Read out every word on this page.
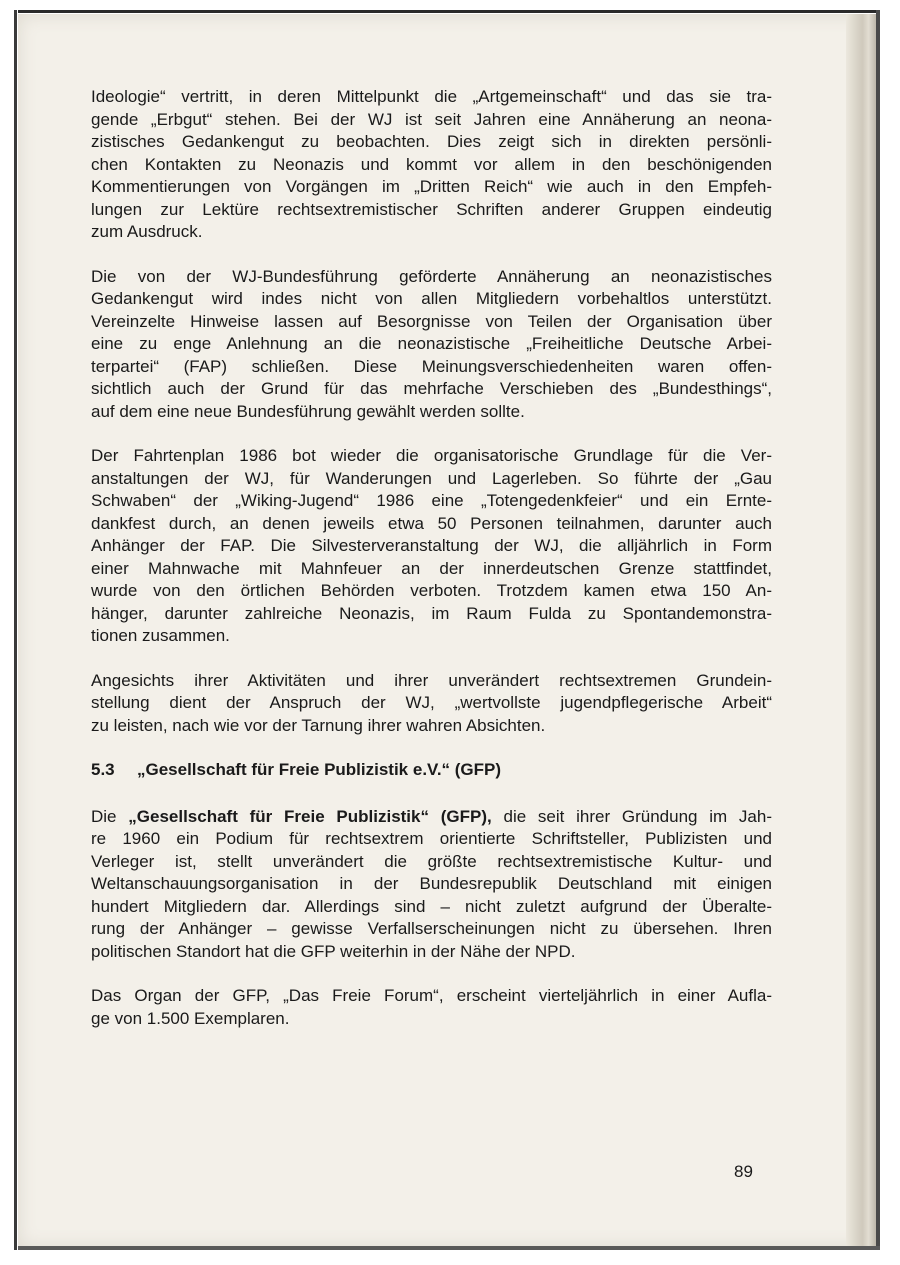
Ideologie“ vertritt, in deren Mittelpunkt die „Artgemeinschaft“ und das sie tra-
gende „Erbgut“ stehen. Bei der WJ ist seit Jahren eine Annäherung an neona-
zistisches Gedankengut zu beobachten. Dies zeigt sich in direkten persönli-
chen Kontakten zu Neonazis und kommt vor allem in den beschönigenden
Kommentierungen von Vorgängen im „Dritten Reich“ wie auch in den Empfeh-
lungen zur Lektüre rechtsextremistischer Schriften anderer Gruppen eindeutig
zum Ausdruck.

Die von der WJ-Bundesführung geförderte Annäherung an neonazistisches
Gedankengut wird indes nicht von allen Mitgliedern vorbehaltlos unterstützt.
Vereinzelte Hinweise lassen auf Besorgnisse von Teilen der Organisation über
eine zu enge Anlehnung an die neonazistische „Freiheitliche Deutsche Arbei-
terpartei“ (FAP) schließen. Diese Meinungsverschiedenheiten waren offen-
sichtlich auch der Grund für das mehrfache Verschieben des „Bundesthings“,
auf dem eine neue Bundesführung gewählt werden sollte.

Der Fahrtenplan 1986 bot wieder die organisatorische Grundlage für die Ver-
anstaltungen der WJ, für Wanderungen und Lagerleben. So führte der „Gau
Schwaben“ der „Wiking-Jugend“ 1986 eine „Totengedenkfeier“ und ein Ernte-
dankfest durch, an denen jeweils etwa 50 Personen teilnahmen, darunter auch
Anhänger der FAP. Die Silvesterveranstaltung der WJ, die alljährlich in Form
einer Mahnwache mit Mahnfeuer an der innerdeutschen Grenze stattfindet,
wurde von den örtlichen Behörden verboten. Trotzdem kamen etwa 150 An-
hänger, darunter zahlreiche Neonazis, im Raum Fulda zu Spontandemonstra-
tionen zusammen.

Angesichts ihrer Aktivitäten und ihrer unverändert rechtsextremen Grundein-
stellung dient der Anspruch der WJ, „wertvollste jugendpflegerische Arbeit“
zu leisten, nach wie vor der Tarnung ihrer wahren Absichten.

5.3 „Gesellschaft für Freie Publizistik e.V.“ (GFP)

Die „Gesellschaft für Freie Publizistik“ (GFP), die seit ihrer Gründung im Jah-
re 1960 ein Podium für rechtsextrem orientierte Schriftsteller, Publizisten und
Verleger ist, stellt unverändert die größte rechtsextremistische Kultur- und
Weltanschauungsorganisation in der Bundesrepublik Deutschland mit einigen
hundert Mitgliedern dar. Allerdings sind – nicht zuletzt aufgrund der Überalte-
rung der Anhänger – gewisse Verfallserscheinungen nicht zu übersehen. Ihren
politischen Standort hat die GFP weiterhin in der Nähe der NPD.

Das Organ der GFP, „Das Freie Forum“, erscheint vierteljährlich in einer Aufla-
ge von 1.500 Exemplaren.

89
